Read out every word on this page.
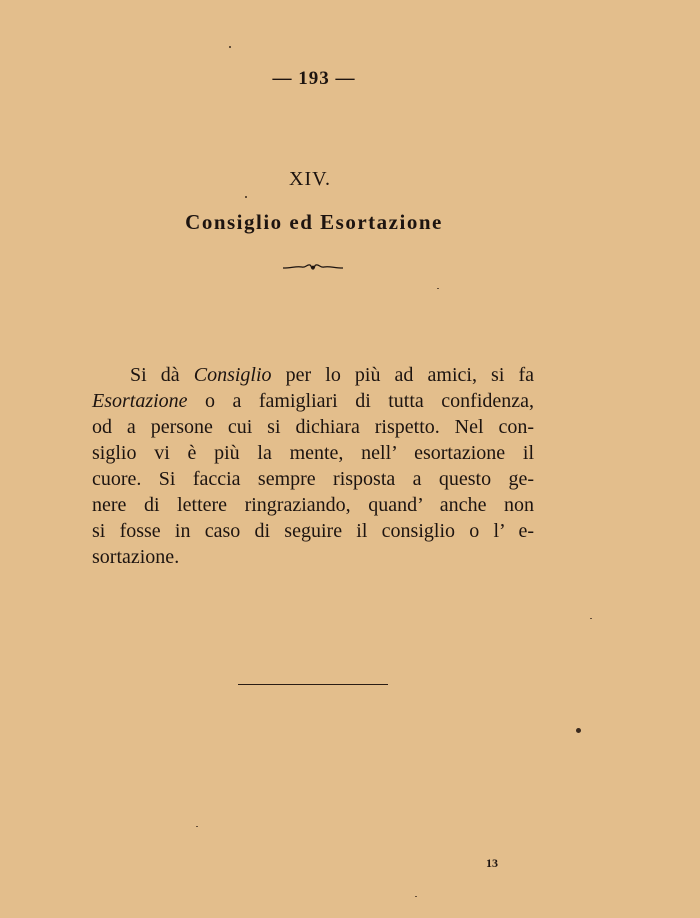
— 193 —
XIV.
Consiglio ed Esortazione
Si dà Consiglio per lo più ad amici, si fa
Esortazione o a famigliari di tutta confidenza,
od a persone cui si dichiara rispetto. Nel con-
siglio vi è più la mente, nell’ esortazione il
cuore. Si faccia sempre risposta a questo ge-
nere di lettere ringraziando, quand’ anche non
si fosse in caso di seguire il consiglio o l’ e-
sortazione.
13
